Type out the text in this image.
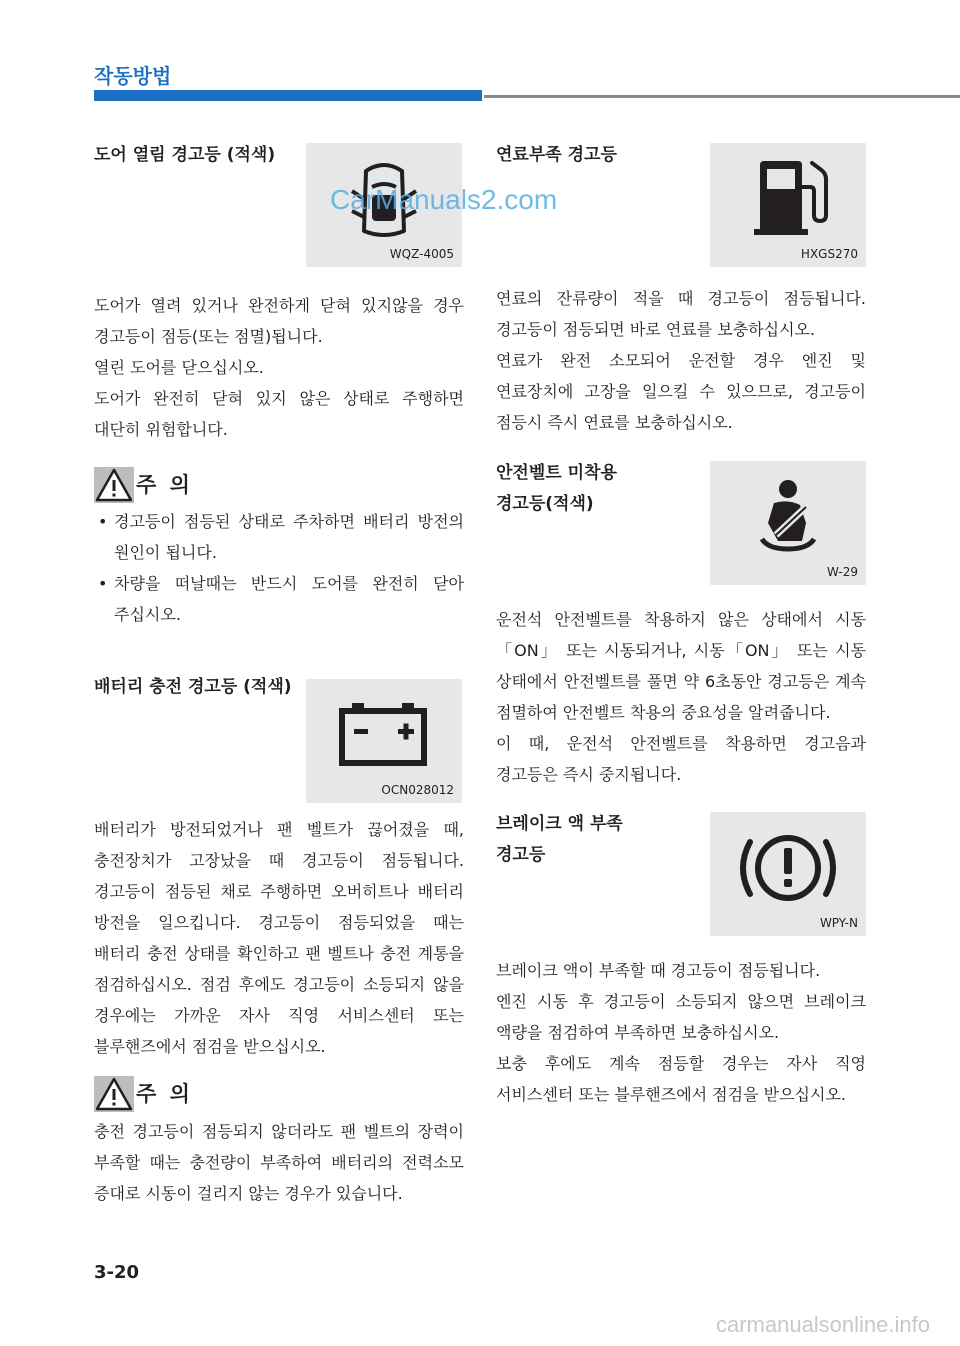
작동방법
도어 열림 경고등 (적색)
WQZ-4005

도어가 열려 있거나 완전하게 닫혀 있지않을 경우 경고등이 점등(또는 점멸)됩니다.

열린 도어를 닫으십시오.

도어가 완전히 닫혀 있지 않은 상태로 주행하면 대단히 위험합니다.

주 의
• 경고등이 점등된 상태로 주차하면 배터리 방전의 원인이 됩니다.
• 차량을 떠날때는 반드시 도어를 완전히 닫아 주십시오.
배터리 충전 경고등 (적색)
OCN028012
배터리가 방전되었거나 팬 벨트가 끊어졌을 때, 충전장치가 고장났을 때 경고등이 점등됩니다. 경고등이 점등된 채로 주행하면 오버히트나 배터리 방전을 일으킵니다. 경고등이 점등되었을 때는 배터리 충전 상태를 확인하고 팬 벨트나 충전 계통을 점검하십시오. 점검 후에도 경고등이 소등되지 않을 경우에는 가까운 자사 직영 서비스센터 또는 블루핸즈에서 점검을 받으십시오.
주 의
충전 경고등이 점등되지 않더라도 팬 벨트의 장력이 부족할 때는 충전량이 부족하여 배터리의 전력소모 증대로 시동이 걸리지 않는 경우가 있습니다.
연료부족 경고등
HXGS270

연료의 잔류량이 적을 때 경고등이 점등됩니다. 경고등이 점등되면 바로 연료를 보충하십시오.

연료가 완전 소모되어 운전할 경우 엔진 및 연료장치에 고장을 일으킬 수 있으므로, 경고등이 점등시 즉시 연료를 보충하십시오.

안전벨트 미착용
경고등(적색)
W-29

운전석 안전벨트를 착용하지 않은 상태에서 시동「ON」 또는 시동되거나, 시동「ON」 또는 시동 상태에서 안전벨트를 풀면 약 6초동안 경고등은 계속 점멸하여 안전벨트 착용의 중요성을 알려줍니다.

이 때, 운전석 안전벨트를 착용하면 경고음과 경고등은 즉시 중지됩니다.

브레이크 액 부족
경고등
WPY-N

브레이크 액이 부족할 때 경고등이 점등됩니다.

엔진 시동 후 경고등이 소등되지 않으면 브레이크 액량을 점검하여 부족하면 보충하십시오.

보충 후에도 계속 점등할 경우는 자사 직영 서비스센터 또는 블루핸즈에서 점검을 받으십시오.

CarManuals2.com
3-20
carmanualsonline.info
